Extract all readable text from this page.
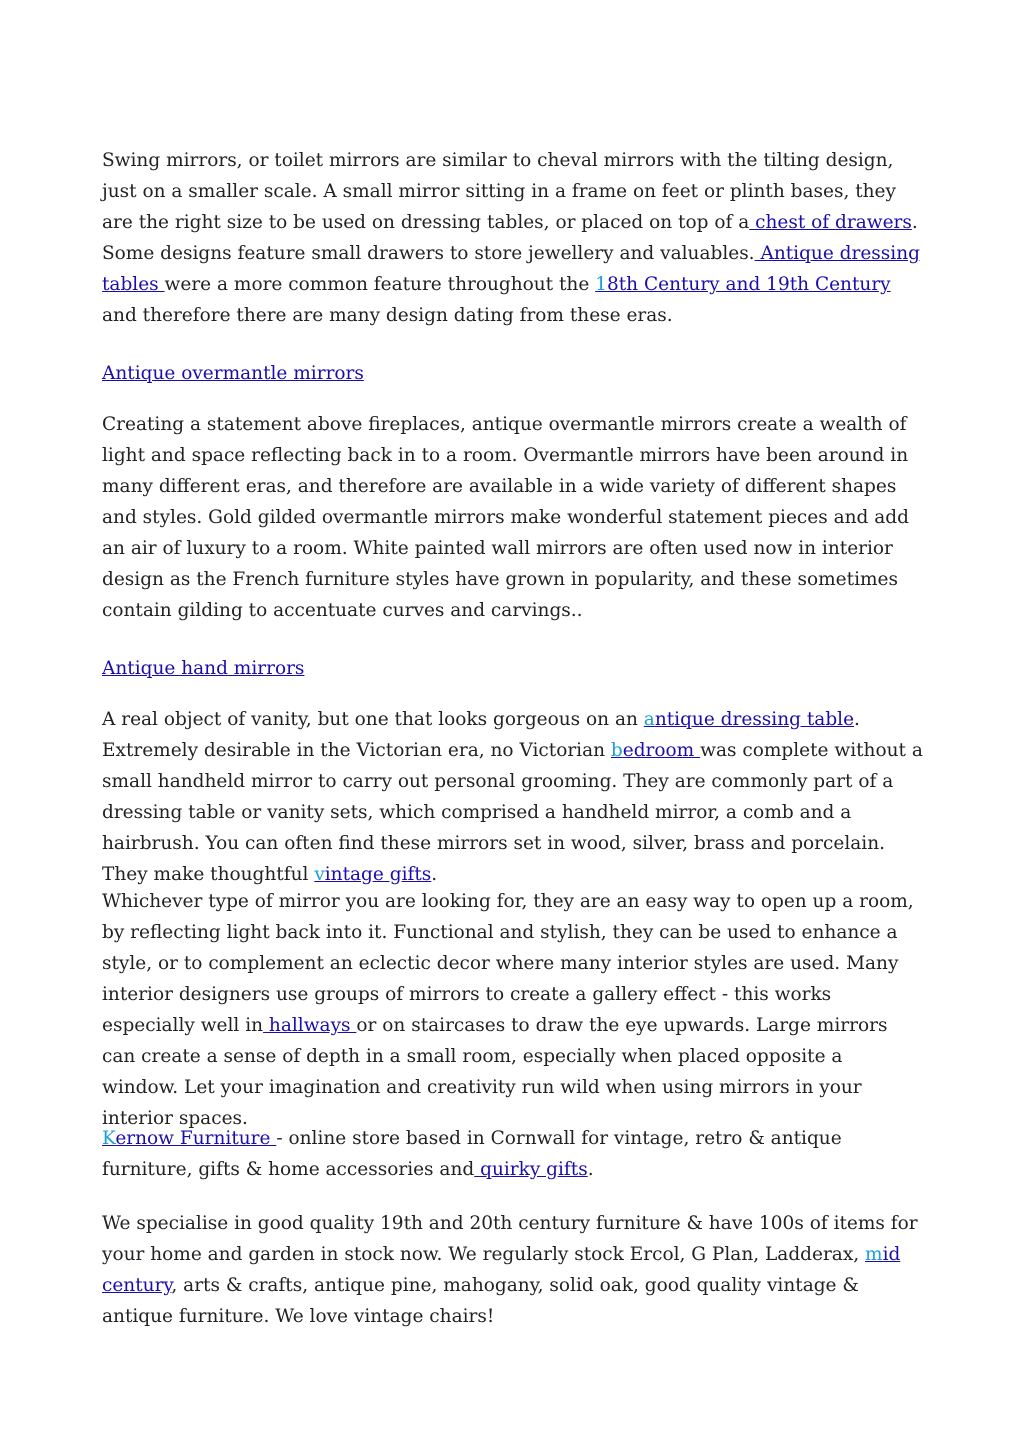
Swing mirrors, or toilet mirrors are similar to cheval mirrors with the tilting design, just on a smaller scale. A small mirror sitting in a frame on feet or plinth bases, they are the right size to be used on dressing tables, or placed on top of a chest of drawers. Some designs feature small drawers to store jewellery and valuables. Antique dressing tables were a more common feature throughout the 18th Century and 19th Century and therefore there are many design dating from these eras.

Antique overmantle mirrors

Creating a statement above fireplaces, antique overmantle mirrors create a wealth of light and space reflecting back in to a room. Overmantle mirrors have been around in many different eras, and therefore are available in a wide variety of different shapes and styles. Gold gilded overmantle mirrors make wonderful statement pieces and add an air of luxury to a room. White painted wall mirrors are often used now in interior design as the French furniture styles have grown in popularity, and these sometimes contain gilding to accentuate curves and carvings..

Antique hand mirrors

A real object of vanity, but one that looks gorgeous on an antique dressing table. Extremely desirable in the Victorian era, no Victorian bedroom was complete without a small handheld mirror to carry out personal grooming. They are commonly part of a dressing table or vanity sets, which comprised a handheld mirror, a comb and a hairbrush. You can often find these mirrors set in wood, silver, brass and porcelain. They make thoughtful vintage gifts.

Whichever type of mirror you are looking for, they are an easy way to open up a room, by reflecting light back into it. Functional and stylish, they can be used to enhance a style, or to complement an eclectic decor where many interior styles are used. Many interior designers use groups of mirrors to create a gallery effect - this works especially well in hallways or on staircases to draw the eye upwards. Large mirrors can create a sense of depth in a small room, especially when placed opposite a window. Let your imagination and creativity run wild when using mirrors in your interior spaces.

Kernow Furniture - online store based in Cornwall for vintage, retro & antique furniture, gifts & home accessories and quirky gifts.

We specialise in good quality 19th and 20th century furniture & have 100s of items for your home and garden in stock now. We regularly stock Ercol, G Plan, Ladderax, mid century, arts & crafts, antique pine, mahogany, solid oak, good quality vintage & antique furniture. We love vintage chairs!
